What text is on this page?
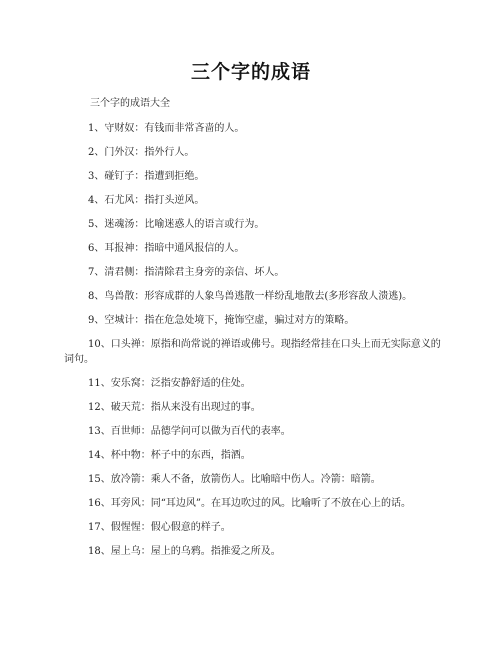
三个字的成语
三个字的成语大全

1、守财奴：有钱而非常吝啬的人。

2、门外汉：指外行人。

3、碰钉子：指遭到拒绝。

4、石尤风：指打头逆风。

5、迷魂汤：比喻迷惑人的语言或行为。

6、耳报神：指暗中通风报信的人。

7、清君侧：指清除君主身旁的亲信、坏人。

8、鸟兽散：形容成群的人象鸟兽逃散一样纷乱地散去(多形容敌人溃逃)。

9、空城计：指在危急处境下，掩饰空虚，骗过对方的策略。

10、口头禅：原指和尚常说的禅语或佛号。现指经常挂在口头上而无实际意义的词句。

11、安乐窝：泛指安静舒适的住处。

12、破天荒：指从来没有出现过的事。

13、百世师：品德学问可以做为百代的表率。

14、杯中物：杯子中的东西，指酒。

15、放冷箭：乘人不备，放箭伤人。比喻暗中伤人。冷箭：暗箭。

16、耳旁风：同“耳边风”。在耳边吹过的风。比喻听了不放在心上的话。

17、假惺惺：假心假意的样子。

18、屋上乌：屋上的乌鸦。指推爱之所及。
